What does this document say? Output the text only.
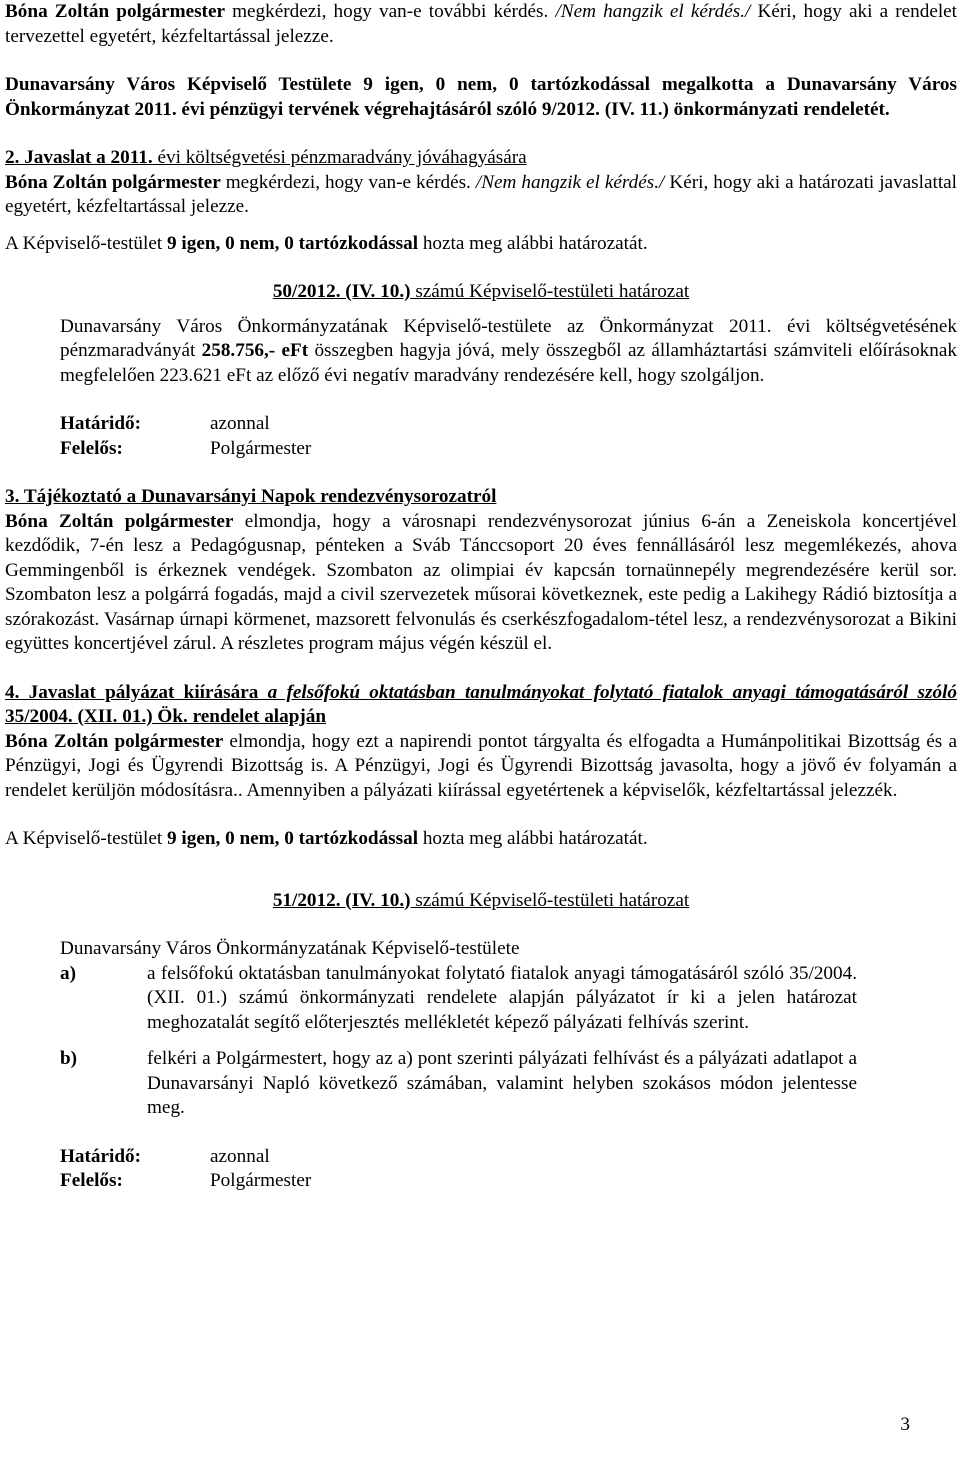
Bóna Zoltán polgármester megkérdezi, hogy van-e további kérdés. /Nem hangzik el kérdés./ Kéri, hogy aki a rendelet tervezettel egyetért, kézfeltartással jelezze.

Dunavarsány Város Képviselő Testülete 9 igen, 0 nem, 0 tartózkodással megalkotta a Dunavarsány Város Önkormányzat 2011. évi pénzügyi tervének végrehajtásáról szóló 9/2012. (IV. 11.) önkormányzati rendeletét.

2. Javaslat a 2011. évi költségvetési pénzmaradvány jóváhagyására

Bóna Zoltán polgármester megkérdezi, hogy van-e kérdés. /Nem hangzik el kérdés./ Kéri, hogy aki a határozati javaslattal egyetért, kézfeltartással jelezze.

A Képviselő-testület 9 igen, 0 nem, 0 tartózkodással hozta meg alábbi határozatát.

50/2012. (IV. 10.) számú Képviselő-testületi határozat

Dunavarsány Város Önkormányzatának Képviselő-testülete az Önkormányzat 2011. évi költségvetésének pénzmaradványát 258.756,- eFt összegben hagyja jóvá, mely összegből az államháztartási számviteli előírásoknak megfelelően 223.621 eFt az előző évi negatív maradvány rendezésére kell, hogy szolgáljon.

Határidő:	azonnal
Felelős:	Polgármester

3. Tájékoztató a Dunavarsányi Napok rendezvénysorozatról

Bóna Zoltán polgármester elmondja, hogy a városnapi rendezvénysorozat június 6-án a Zeneiskola koncertjével kezdődik, 7-én lesz a Pedagógusnap, pénteken a Sváb Tánccsoport 20 éves fennállásáról lesz megemlékezés, ahova Gemmingenből is érkeznek vendégek. Szombaton az olimpiai év kapcsán tornaünnepély megrendezésére kerül sor. Szombaton lesz a polgárrá fogadás, majd a civil szervezetek műsorai következnek, este pedig a Lakihegy Rádió biztosítja a szórakozást. Vasárnap úrnapi körmenet, mazsorett felvonulás és cserkészfogadalom-tétel lesz, a rendezvénysorozat a Bikini együttes koncertjével zárul. A részletes program május végén készül el.

4. Javaslat pályázat kiírására a felsőfokú oktatásban tanulmányokat folytató fiatalok anyagi támogatásáról szóló 35/2004. (XII. 01.) Ök. rendelet alapján

Bóna Zoltán polgármester elmondja, hogy ezt a napirendi pontot tárgyalta és elfogadta a Humánpolitikai Bizottság és a Pénzügyi, Jogi és Ügyrendi Bizottság is. A Pénzügyi, Jogi és Ügyrendi Bizottság javasolta, hogy a jövő év folyamán a rendelet kerüljön módosításra.. Amennyiben a pályázati kiírással egyetértenek a képviselők, kézfeltartással jelezzék.

A Képviselő-testület 9 igen, 0 nem, 0 tartózkodással hozta meg alábbi határozatát.

51/2012. (IV. 10.) számú Képviselő-testületi határozat

Dunavarsány Város Önkormányzatának Képviselő-testülete

a)	a felsőfokú oktatásban tanulmányokat folytató fiatalok anyagi támogatásáról szóló 35/2004. (XII. 01.) számú önkormányzati rendelete alapján pályázatot ír ki a jelen határozat meghozatalát segítő előterjesztés mellékletét képező pályázati felhívás szerint.
b)	felkéri a Polgármestert, hogy az a) pont szerinti pályázati felhívást és a pályázati adatlapot a Dunavarsányi Napló következő számában, valamint helyben szokásos módon jelentesse meg.
Határidő:	azonnal
Felelős:	Polgármester
3
